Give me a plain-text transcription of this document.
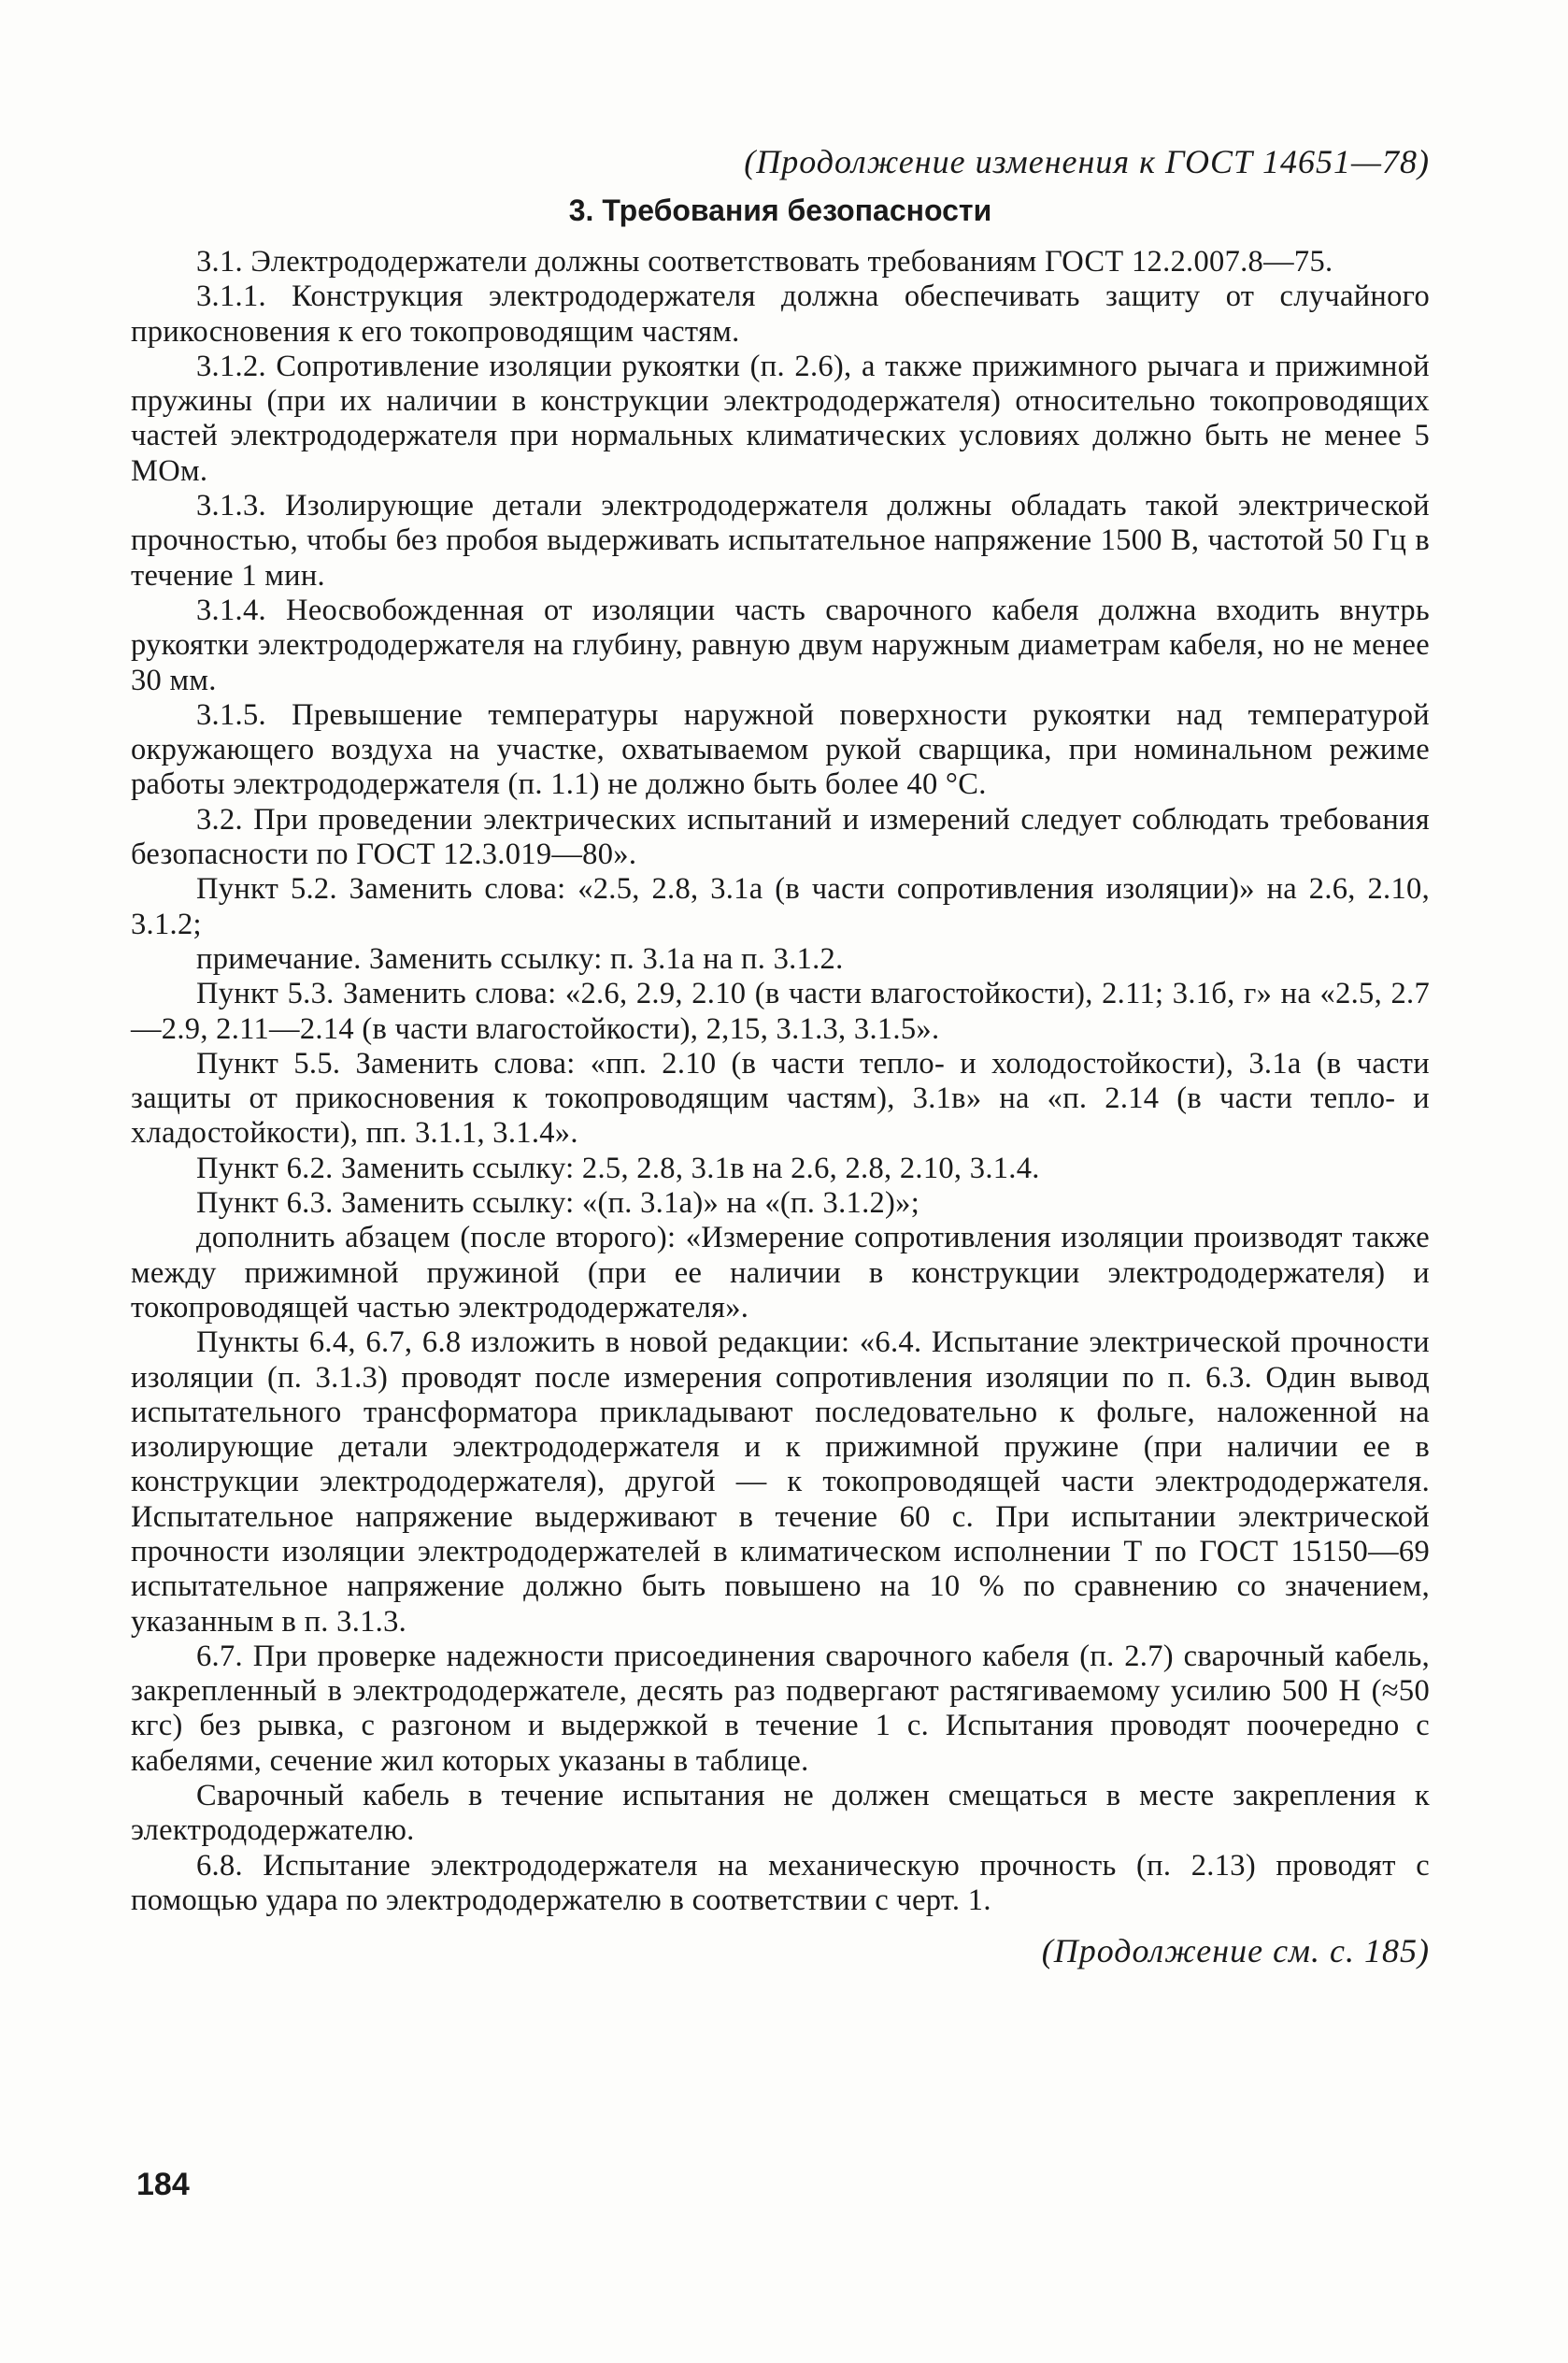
(Продолжение изменения к ГОСТ 14651—78)
3. Требования безопасности

3.1. Электрододержатели должны соответствовать требованиям ГОСТ 12.2.007.8—75.

3.1.1. Конструкция электрододержателя должна обеспечивать защиту от случайного прикосновения к его токопроводящим частям.

3.1.2. Сопротивление изоляции рукоятки (п. 2.6), а также прижимного рычага и прижимной пружины (при их наличии в конструкции электрододержателя) относительно токопроводящих частей электрододержателя при нормальных климатических условиях должно быть не менее 5 МОм.

3.1.3. Изолирующие детали электрододержателя должны обладать такой электрической прочностью, чтобы без пробоя выдерживать испытательное напряжение 1500 В, частотой 50 Гц в течение 1 мин.

3.1.4. Неосвобожденная от изоляции часть сварочного кабеля должна входить внутрь рукоятки электрододержателя на глубину, равную двум наружным диаметрам кабеля, но не менее 30 мм.

3.1.5. Превышение температуры наружной поверхности рукоятки над температурой окружающего воздуха на участке, охватываемом рукой сварщика, при номинальном режиме работы электрододержателя (п. 1.1) не должно быть более 40 °С.

3.2. При проведении электрических испытаний и измерений следует соблюдать требования безопасности по ГОСТ 12.3.019—80».

Пункт 5.2. Заменить слова: «2.5, 2.8, 3.1а (в части сопротивления изоляции)» на 2.6, 2.10, 3.1.2;

примечание. Заменить ссылку: п. 3.1а на п. 3.1.2.

Пункт 5.3. Заменить слова: «2.6, 2.9, 2.10 (в части влагостойкости), 2.11; 3.1б, г» на «2.5, 2.7—2.9, 2.11—2.14 (в части влагостойкости), 2,15, 3.1.3, 3.1.5».

Пункт 5.5. Заменить слова: «пп. 2.10 (в части тепло- и холодостойкости), 3.1а (в части защиты от прикосновения к токопроводящим частям), 3.1в» на «п. 2.14 (в части тепло- и хладостойкости), пп. 3.1.1, 3.1.4».

Пункт 6.2. Заменить ссылку: 2.5, 2.8, 3.1в на 2.6, 2.8, 2.10, 3.1.4.

Пункт 6.3. Заменить ссылку: «(п. 3.1а)» на «(п. 3.1.2)»;

дополнить абзацем (после второго): «Измерение сопротивления изоляции производят также между прижимной пружиной (при ее наличии в конструкции электрододержателя) и токопроводящей частью электрододержателя».

Пункты 6.4, 6.7, 6.8 изложить в новой редакции: «6.4. Испытание электрической прочности изоляции (п. 3.1.3) проводят после измерения сопротивления изоляции по п. 6.3. Один вывод испытательного трансформатора прикладывают последовательно к фольге, наложенной на изолирующие детали электрододержателя и к прижимной пружине (при наличии ее в конструкции электрододержателя), другой — к токопроводящей части электрододержателя. Испытательное напряжение выдерживают в течение 60 с. При испытании электрической прочности изоляции электрододержателей в климатическом исполнении Т по ГОСТ 15150—69 испытательное напряжение должно быть повышено на 10 % по сравнению со значением, указанным в п. 3.1.3.

6.7. При проверке надежности присоединения сварочного кабеля (п. 2.7) сварочный кабель, закрепленный в электрододержателе, десять раз подвергают растягиваемому усилию 500 Н (≈50 кгс) без рывка, с разгоном и выдержкой в течение 1 с. Испытания проводят поочередно с кабелями, сечение жил которых указаны в таблице.

Сварочный кабель в течение испытания не должен смещаться в месте закрепления к электрододержателю.

6.8. Испытание электрододержателя на механическую прочность (п. 2.13) проводят с помощью удара по электрододержателю в соответствии с черт. 1.

(Продолжение см. с. 185)
184
